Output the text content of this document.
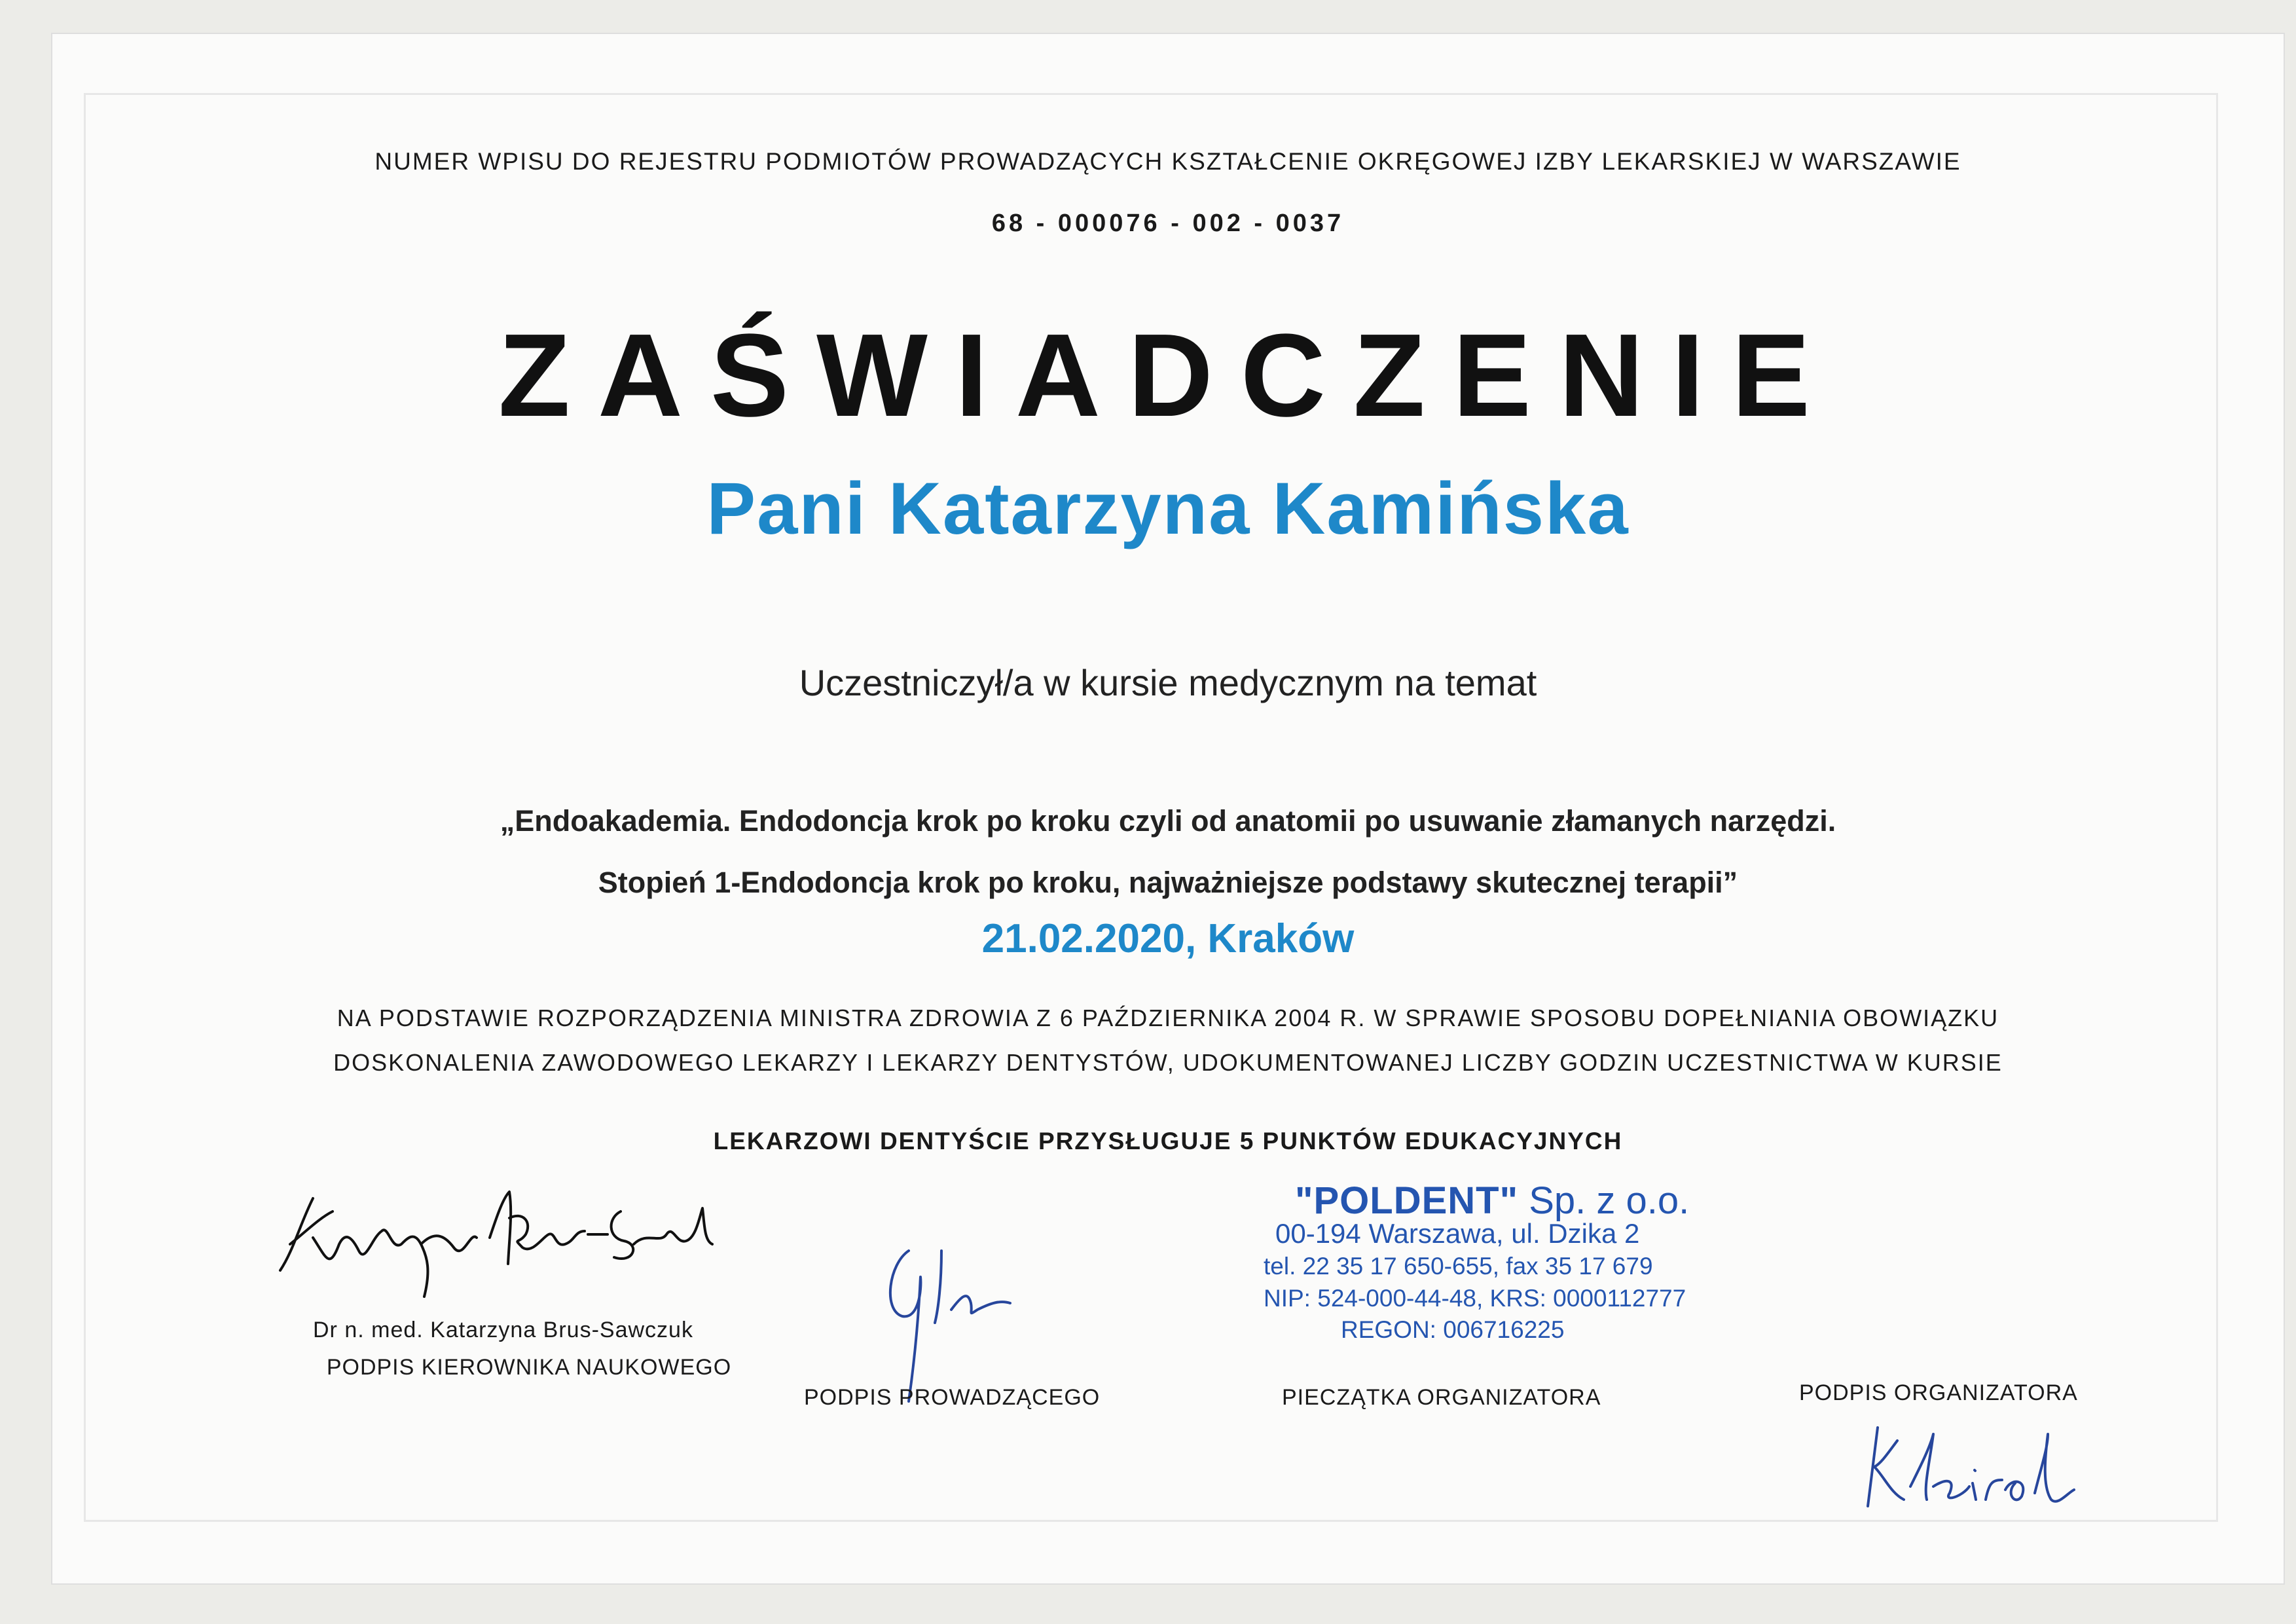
NUMER WPISU DO REJESTRU PODMIOTÓW PROWADZĄCYCH KSZTAŁCENIE OKRĘGOWEJ IZBY LEKARSKIEJ W WARSZAWIE
68 - 000076 - 002 - 0037
ZAŚWIADCZENIE
Pani Katarzyna Kamińska
Uczestniczył/a w kursie medycznym na temat
„Endoakademia. Endodoncja krok po kroku czyli od anatomii po usuwanie złamanych narzędzi.
Stopień 1-Endodoncja krok po kroku, najważniejsze podstawy skutecznej terapii”
21.02.2020, Kraków
NA PODSTAWIE ROZPORZĄDZENIA MINISTRA ZDROWIA Z 6 PAŹDZIERNIKA 2004 R. W SPRAWIE SPOSOBU DOPEŁNIANIA OBOWIĄZKU
DOSKONALENIA ZAWODOWEGO LEKARZY I LEKARZY DENTYSTÓW, UDOKUMENTOWANEJ LICZBY GODZIN UCZESTNICTWA W KURSIE
LEKARZOWI DENTYŚCIE PRZYSŁUGUJE 5 PUNKTÓW EDUKACYJNYCH
"POLDENT" Sp. z o.o.
00-194 Warszawa, ul. Dzika 2
tel. 22 35 17 650-655, fax 35 17 679
NIP: 524-000-44-48, KRS: 0000112777
REGON: 006716225
Dr n. med. Katarzyna Brus-Sawczuk
PODPIS KIEROWNIKA NAUKOWEGO
PODPIS PROWADZĄCEGO	PIECZĄTKA ORGANIZATORA	PODPIS ORGANIZATORA
